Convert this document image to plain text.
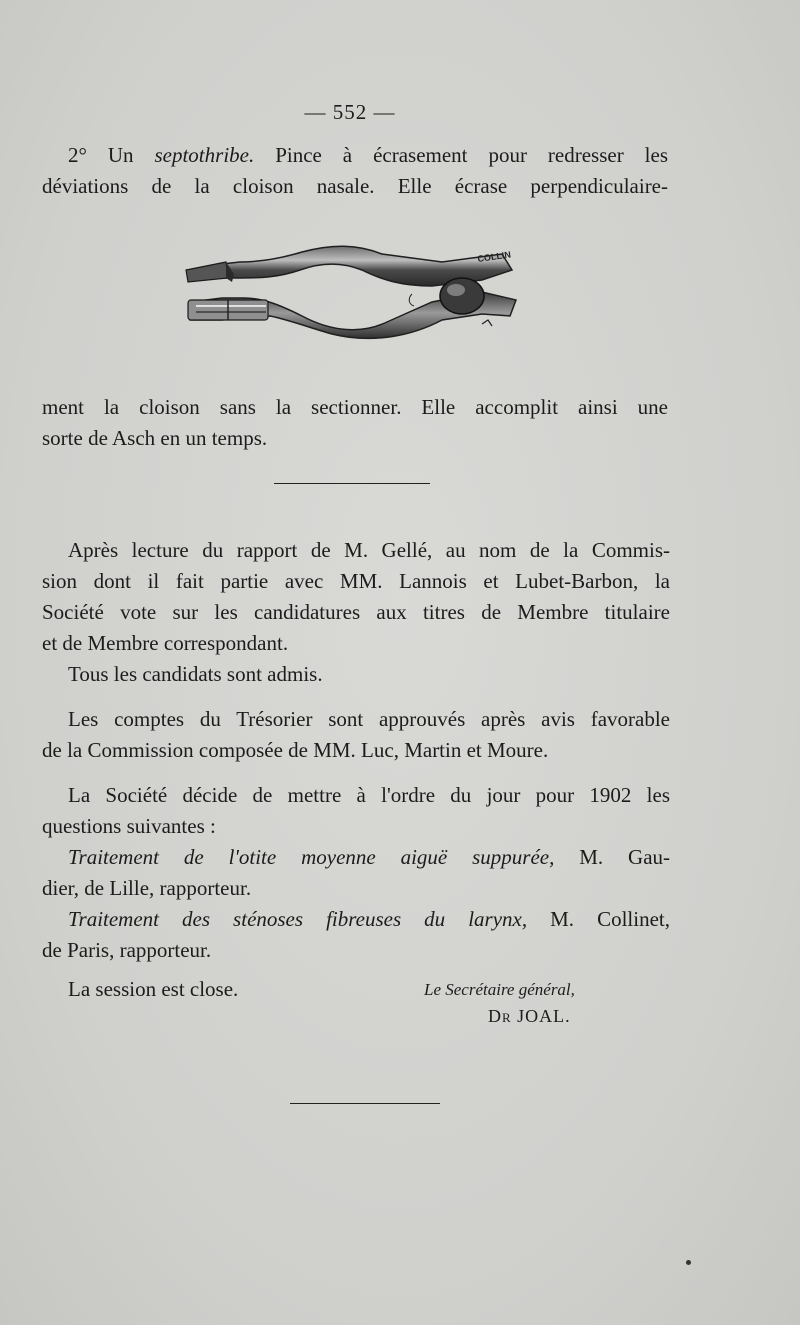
— 552 —
2° Un septothribe. Pince à écrasement pour redresser les
déviations de la cloison nasale. Elle écrase perpendiculaire-
COLLIN
ment la cloison sans la sectionner. Elle accomplit ainsi une
sorte de Asch en un temps.
Après lecture du rapport de M. Gellé, au nom de la Commis-
sion dont il fait partie avec MM. Lannois et Lubet-Barbon, la
Société vote sur les candidatures aux titres de Membre titulaire
et de Membre correspondant.
Tous les candidats sont admis.
Les comptes du Trésorier sont approuvés après avis favorable
de la Commission composée de MM. Luc, Martin et Moure.
La Société décide de mettre à l'ordre du jour pour 1902 les
questions suivantes :
Traitement de l'otite moyenne aiguë suppurée, M. Gau-
dier, de Lille, rapporteur.
Traitement des sténoses fibreuses du larynx, M. Collinet,
de Paris, rapporteur.
La session est close.	Le Secrétaire général,
Dr JOAL.
